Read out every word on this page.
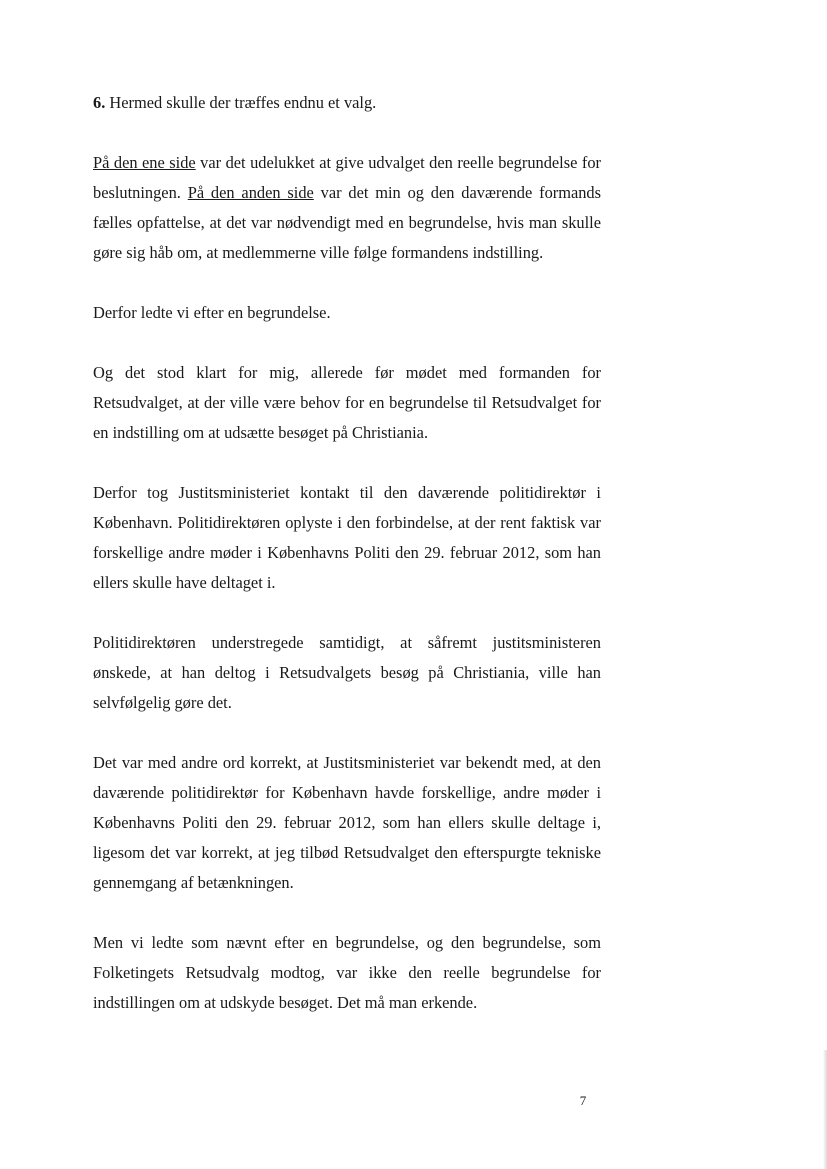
6. Hermed skulle der træffes endnu et valg.

På den ene side var det udelukket at give udvalget den reelle begrundelse for beslutningen. På den anden side var det min og den daværende formands fælles opfattelse, at det var nødvendigt med en begrundelse, hvis man skulle gøre sig håb om, at medlemmerne ville følge formandens indstilling.

Derfor ledte vi efter en begrundelse.

Og det stod klart for mig, allerede før mødet med formanden for Retsudvalget, at der ville være behov for en begrundelse til Retsudvalget for en indstilling om at udsætte besøget på Christiania.

Derfor tog Justitsministeriet kontakt til den daværende politidirektør i København. Politidirektøren oplyste i den forbindelse, at der rent faktisk var forskellige andre møder i Københavns Politi den 29. februar 2012, som han ellers skulle have deltaget i.

Politidirektøren understregede samtidigt, at såfremt justitsministeren ønskede, at han deltog i Retsudvalgets besøg på Christiania, ville han selvfølgelig gøre det.

Det var med andre ord korrekt, at Justitsministeriet var bekendt med, at den daværende politidirektør for København havde forskellige, andre møder i Københavns Politi den 29. februar 2012, som han ellers skulle deltage i, ligesom det var korrekt, at jeg tilbød Retsudvalget den efterspurgte tekniske gennemgang af betænkningen.

Men vi ledte som nævnt efter en begrundelse, og den begrundelse, som Folketingets Retsudvalg modtog, var ikke den reelle begrundelse for indstillingen om at udskyde besøget. Det må man erkende.

7
